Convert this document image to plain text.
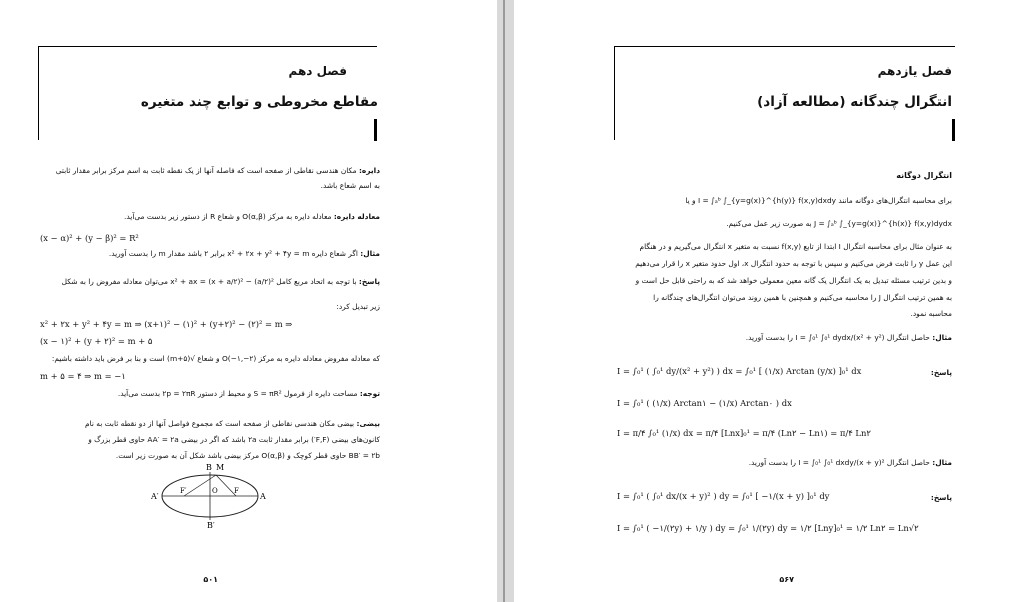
فصل دهم
مقاطع مخروطی و توابع چند متغیره
دایره: مکان هندسی نقاطی از صفحه است که فاصله آنها از یک نقطه ثابت به اسم مرکز برابر مقدار ثابتی
به اسم شعاع باشد.
معادله دایره: معادله دایره به مرکز O(α,β) و شعاع R از دستور زیر بدست می‌آید.
(x − α)² + (y − β)² = R²
مثال: اگر شعاع دایره x² + ۲x + y² + ۴y = m برابر ۲ باشد مقدار m را بدست آورید.
پاسخ: با توجه به اتحاد مربع کامل x² + ax = (x + a/۲)² − (a/۲)² می‌توان معادله مفروض را به شکل
زیر تبدیل کرد:
x² + ۲x + y² + ۴y = m ⇒ (x+۱)² − (۱)² + (y+۲)² − (۲)² = m ⇒
(x − ۱)² + (y + ۲)² = m + ۵
که معادله مفروض معادله دایره به مرکز O(−۱,−۲) و شعاع √(m+۵) است و بنا بر فرض باید داشته باشیم:
m + ۵ = ۴ ⇒ m = −۱
توجه: مساحت دایره از فرمول S = πR² و محیط از دستور ۲p = ۲πR بدست می‌آید.
بیضی: بیضی مکان هندسی نقاطی از صفحه است که مجموع فواصل آنها از دو نقطه ثابت به نام
کانون‌های بیضی (F,F′) برابر مقدار ثابت ۲a باشد که اگر در بیضی AA′ = ۲a حاوی قطر بزرگ و
BB′ = ۲b حاوی قطر کوچک و O(α,β) مرکز بیضی باشد شکل آن به صورت زیر است.
B M
A′	A
F′	O F
B′
۵۰۱
فصل یازدهم
انتگرال چندگانه (مطالعه آزاد)
انتگرال دوگانه
برای محاسبه انتگرال‌های دوگانه مانند I = ∫ₐᵇ ∫_{y=g(x)}^{h(y)} f(x,y)dxdy و یا
J = ∫ₐᵇ ∫_{y=g(x)}^{h(x)} f(x,y)dydx به صورت زیر عمل می‌کنیم.
به عنوان مثال برای محاسبه انتگرال I ابتدا از تابع f(x,y) نسبت به متغیر x انتگرال می‌گیریم و در هنگام
این عمل y را ثابت فرض می‌کنیم و سپس با توجه به حدود انتگرال x، اول حدود متغیر x را قرار می‌دهیم
و بدین ترتیب مسئله تبدیل به یک انتگرال یک گانه معین معمولی خواهد شد که به راحتی قابل حل است و
به همین ترتیب انتگرال J را محاسبه می‌کنیم و همچنین با همین روند می‌توان انتگرال‌های چندگانه را
محاسبه نمود.
مثال: حاصل انتگرال I = ∫₀¹ ∫₀¹ dydx/(x² + y²) را بدست آورید.
پاسخ:
I = ∫₀¹ ( ∫₀¹ dy/(x² + y²) ) dx = ∫₀¹ [ (۱/x) Arctan (y/x) ]₀¹ dx
I = ∫₀¹ ( (۱/x) Arctan۱ − (۱/x) Arctan۰ ) dx
I = π/۴ ∫₀¹ (۱/x) dx = π/۴ [Lnx]₀¹ = π/۴ (Ln۲ − Ln۱) = π/۴ Ln۲
مثال: حاصل انتگرال I = ∫₀¹ ∫₀¹ dxdy/(x + y)² را بدست آورید.
پاسخ:
I = ∫₀¹ ( ∫₀¹ dx/(x + y)² ) dy = ∫₀¹ [ −۱/(x + y) ]₀¹ dy
I = ∫₀¹ ( −۱/(۲y) + ۱/y ) dy = ∫₀¹ ۱/(۲y) dy = ۱/۲ [Lny]₀¹ = ۱/۲ Ln۲ = Ln√۲
۵۶۷
